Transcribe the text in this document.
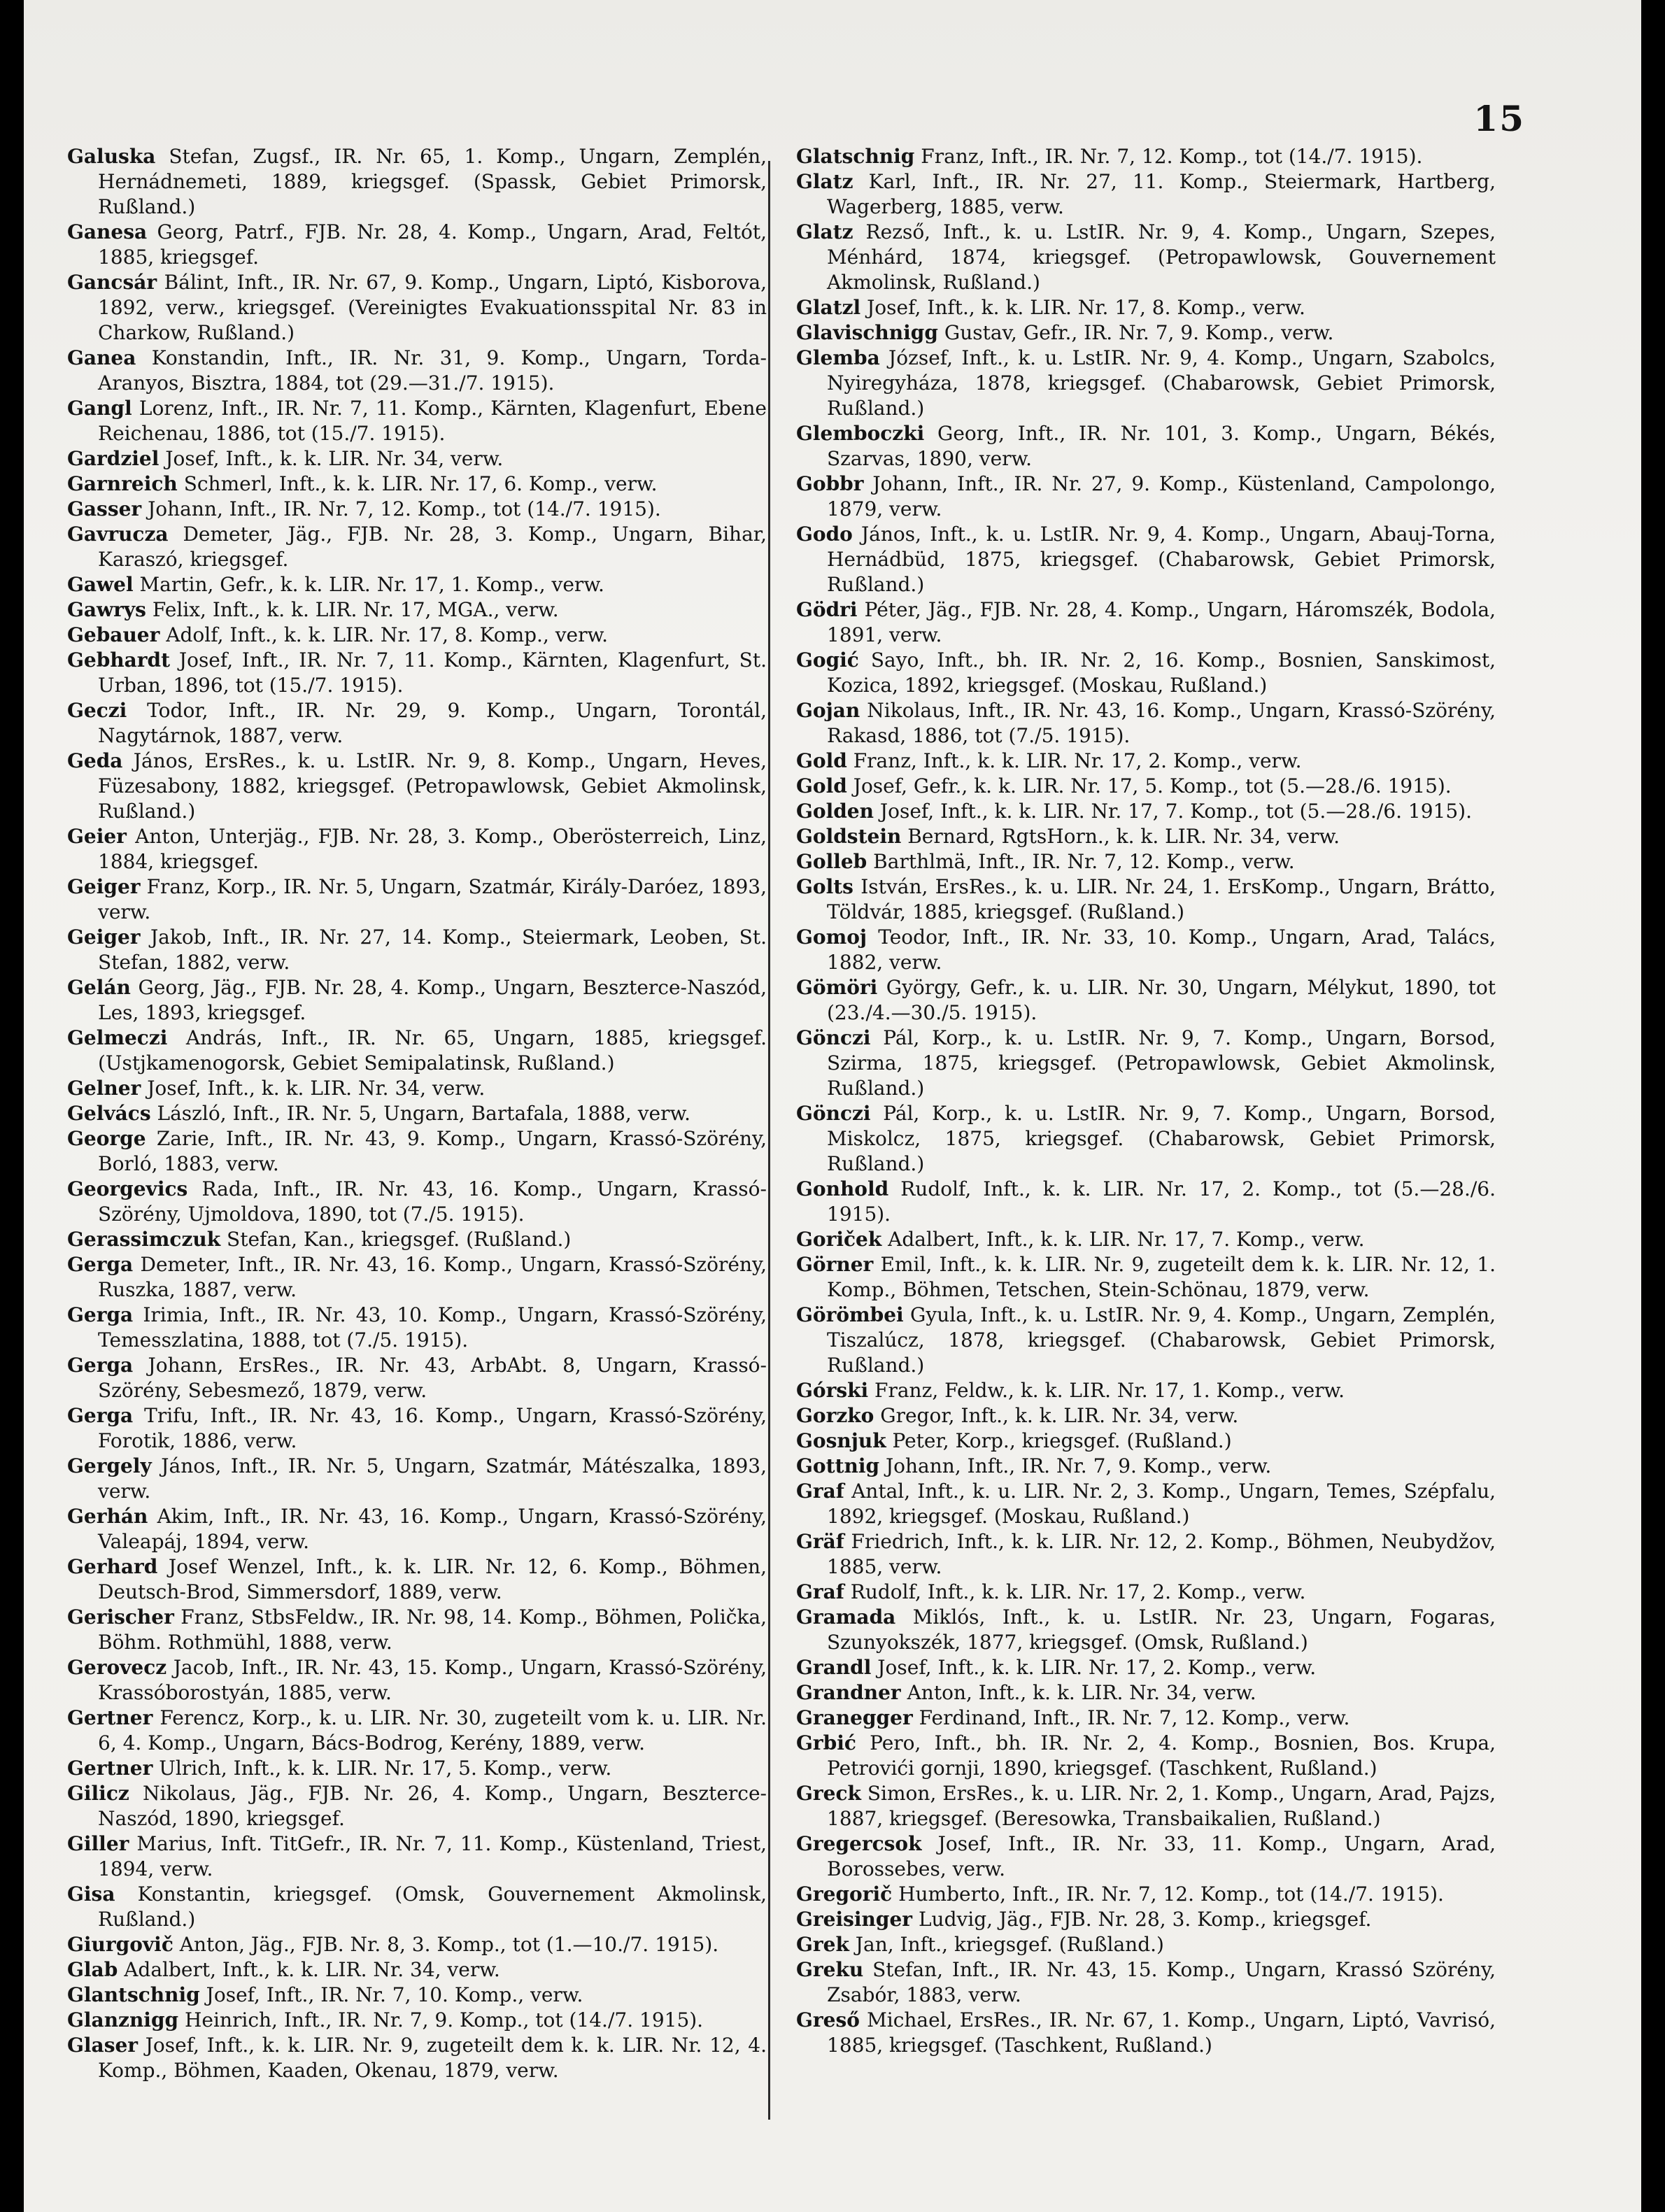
15

Galuska Stefan, Zugsf., IR. Nr. 65, 1. Komp., Ungarn, Zemplén, Hernádnemeti, 1889, kriegsgef. (Spassk, Gebiet Primorsk, Rußland.)

Ganesa Georg, Patrf., FJB. Nr. 28, 4. Komp., Ungarn, Arad, Feltót, 1885, kriegsgef.

Gancsár Bálint, Inft., IR. Nr. 67, 9. Komp., Ungarn, Liptó, Kisborova, 1892, verw., kriegsgef. (Vereinigtes Evakuationsspital Nr. 83 in Charkow, Rußland.)

Ganea Konstandin, Inft., IR. Nr. 31, 9. Komp., Ungarn, Torda-Aranyos, Bisztra, 1884, tot (29.—31./7. 1915).

Gangl Lorenz, Inft., IR. Nr. 7, 11. Komp., Kärnten, Klagenfurt, Ebene Reichenau, 1886, tot (15./7. 1915).

Gardziel Josef, Inft., k. k. LIR. Nr. 34, verw.

Garnreich Schmerl, Inft., k. k. LIR. Nr. 17, 6. Komp., verw.

Gasser Johann, Inft., IR. Nr. 7, 12. Komp., tot (14./7. 1915).

Gavrucza Demeter, Jäg., FJB. Nr. 28, 3. Komp., Ungarn, Bihar, Karaszó, kriegsgef.

Gawel Martin, Gefr., k. k. LIR. Nr. 17, 1. Komp., verw.

Gawrys Felix, Inft., k. k. LIR. Nr. 17, MGA., verw.

Gebauer Adolf, Inft., k. k. LIR. Nr. 17, 8. Komp., verw.

Gebhardt Josef, Inft., IR. Nr. 7, 11. Komp., Kärnten, Klagenfurt, St. Urban, 1896, tot (15./7. 1915).

Geczi Todor, Inft., IR. Nr. 29, 9. Komp., Ungarn, Torontál, Nagytárnok, 1887, verw.

Geda János, ErsRes., k. u. LstIR. Nr. 9, 8. Komp., Ungarn, Heves, Füzesabony, 1882, kriegsgef. (Petropawlowsk, Gebiet Akmolinsk, Rußland.)

Geier Anton, Unterjäg., FJB. Nr. 28, 3. Komp., Oberösterreich, Linz, 1884, kriegsgef.

Geiger Franz, Korp., IR. Nr. 5, Ungarn, Szatmár, Király-Daróez, 1893, verw.

Geiger Jakob, Inft., IR. Nr. 27, 14. Komp., Steiermark, Leoben, St. Stefan, 1882, verw.

Gelán Georg, Jäg., FJB. Nr. 28, 4. Komp., Ungarn, Beszterce-Naszód, Les, 1893, kriegsgef.

Gelmeczi András, Inft., IR. Nr. 65, Ungarn, 1885, kriegsgef. (Ustjkamenogorsk, Gebiet Semipalatinsk, Rußland.)

Gelner Josef, Inft., k. k. LIR. Nr. 34, verw.

Gelvács László, Inft., IR. Nr. 5, Ungarn, Bartafala, 1888, verw.

George Zarie, Inft., IR. Nr. 43, 9. Komp., Ungarn, Krassó-Szörény, Borló, 1883, verw.

Georgevics Rada, Inft., IR. Nr. 43, 16. Komp., Ungarn, Krassó-Szörény, Ujmoldova, 1890, tot (7./5. 1915).

Gerassimczuk Stefan, Kan., kriegsgef. (Rußland.)

Gerga Demeter, Inft., IR. Nr. 43, 16. Komp., Ungarn, Krassó-Szörény, Ruszka, 1887, verw.

Gerga Irimia, Inft., IR. Nr. 43, 10. Komp., Ungarn, Krassó-Szörény, Temesszlatina, 1888, tot (7./5. 1915).

Gerga Johann, ErsRes., IR. Nr. 43, ArbAbt. 8, Ungarn, Krassó-Szörény, Sebesmező, 1879, verw.

Gerga Trifu, Inft., IR. Nr. 43, 16. Komp., Ungarn, Krassó-Szörény, Forotik, 1886, verw.

Gergely János, Inft., IR. Nr. 5, Ungarn, Szatmár, Mátészalka, 1893, verw.

Gerhán Akim, Inft., IR. Nr. 43, 16. Komp., Ungarn, Krassó-Szörény, Valeapáj, 1894, verw.

Gerhard Josef Wenzel, Inft., k. k. LIR. Nr. 12, 6. Komp., Böhmen, Deutsch-Brod, Simmersdorf, 1889, verw.

Gerischer Franz, StbsFeldw., IR. Nr. 98, 14. Komp., Böhmen, Polička, Böhm. Rothmühl, 1888, verw.

Gerovecz Jacob, Inft., IR. Nr. 43, 15. Komp., Ungarn, Krassó-Szörény, Krassóborostyán, 1885, verw.

Gertner Ferencz, Korp., k. u. LIR. Nr. 30, zugeteilt vom k. u. LIR. Nr. 6, 4. Komp., Ungarn, Bács-Bodrog, Kerény, 1889, verw.

Gertner Ulrich, Inft., k. k. LIR. Nr. 17, 5. Komp., verw.

Gilicz Nikolaus, Jäg., FJB. Nr. 26, 4. Komp., Ungarn, Beszterce-Naszód, 1890, kriegsgef.

Giller Marius, Inft. TitGefr., IR. Nr. 7, 11. Komp., Küstenland, Triest, 1894, verw.

Gisa Konstantin, kriegsgef. (Omsk, Gouvernement Akmolinsk, Rußland.)

Giurgovič Anton, Jäg., FJB. Nr. 8, 3. Komp., tot (1.—10./7. 1915).

Glab Adalbert, Inft., k. k. LIR. Nr. 34, verw.

Glantschnig Josef, Inft., IR. Nr. 7, 10. Komp., verw.

Glanznigg Heinrich, Inft., IR. Nr. 7, 9. Komp., tot (14./7. 1915).

Glaser Josef, Inft., k. k. LIR. Nr. 9, zugeteilt dem k. k. LIR. Nr. 12, 4. Komp., Böhmen, Kaaden, Okenau, 1879, verw.

Glatschnig Franz, Inft., IR. Nr. 7, 12. Komp., tot (14./7. 1915).

Glatz Karl, Inft., IR. Nr. 27, 11. Komp., Steiermark, Hartberg, Wagerberg, 1885, verw.

Glatz Rezső, Inft., k. u. LstIR. Nr. 9, 4. Komp., Ungarn, Szepes, Ménhárd, 1874, kriegsgef. (Petropawlowsk, Gouvernement Akmolinsk, Rußland.)

Glatzl Josef, Inft., k. k. LIR. Nr. 17, 8. Komp., verw.

Glavischnigg Gustav, Gefr., IR. Nr. 7, 9. Komp., verw.

Glemba József, Inft., k. u. LstIR. Nr. 9, 4. Komp., Ungarn, Szabolcs, Nyiregyháza, 1878, kriegsgef. (Chabarowsk, Gebiet Primorsk, Rußland.)

Glemboczki Georg, Inft., IR. Nr. 101, 3. Komp., Ungarn, Békés, Szarvas, 1890, verw.

Gobbr Johann, Inft., IR. Nr. 27, 9. Komp., Küstenland, Campolongo, 1879, verw.

Godo János, Inft., k. u. LstIR. Nr. 9, 4. Komp., Ungarn, Abauj-Torna, Hernádbüd, 1875, kriegsgef. (Chabarowsk, Gebiet Primorsk, Rußland.)

Gödri Péter, Jäg., FJB. Nr. 28, 4. Komp., Ungarn, Háromszék, Bodola, 1891, verw.

Gogić Sayo, Inft., bh. IR. Nr. 2, 16. Komp., Bosnien, Sanskimost, Kozica, 1892, kriegsgef. (Moskau, Rußland.)

Gojan Nikolaus, Inft., IR. Nr. 43, 16. Komp., Ungarn, Krassó-Szörény, Rakasd, 1886, tot (7./5. 1915).

Gold Franz, Inft., k. k. LIR. Nr. 17, 2. Komp., verw.

Gold Josef, Gefr., k. k. LIR. Nr. 17, 5. Komp., tot (5.—28./6. 1915).

Golden Josef, Inft., k. k. LIR. Nr. 17, 7. Komp., tot (5.—28./6. 1915).

Goldstein Bernard, RgtsHorn., k. k. LIR. Nr. 34, verw.

Golleb Barthlmä, Inft., IR. Nr. 7, 12. Komp., verw.

Golts István, ErsRes., k. u. LIR. Nr. 24, 1. ErsKomp., Ungarn, Brátto, Töldvár, 1885, kriegsgef. (Rußland.)

Gomoj Teodor, Inft., IR. Nr. 33, 10. Komp., Ungarn, Arad, Talács, 1882, verw.

Gömöri György, Gefr., k. u. LIR. Nr. 30, Ungarn, Mélykut, 1890, tot (23./4.—30./5. 1915).

Gönczi Pál, Korp., k. u. LstIR. Nr. 9, 7. Komp., Ungarn, Borsod, Szirma, 1875, kriegsgef. (Petropawlowsk, Gebiet Akmolinsk, Rußland.)

Gönczi Pál, Korp., k. u. LstIR. Nr. 9, 7. Komp., Ungarn, Borsod, Miskolcz, 1875, kriegsgef. (Chabarowsk, Gebiet Primorsk, Rußland.)

Gonhold Rudolf, Inft., k. k. LIR. Nr. 17, 2. Komp., tot (5.—28./6. 1915).

Goriček Adalbert, Inft., k. k. LIR. Nr. 17, 7. Komp., verw.

Görner Emil, Inft., k. k. LIR. Nr. 9, zugeteilt dem k. k. LIR. Nr. 12, 1. Komp., Böhmen, Tetschen, Stein-Schönau, 1879, verw.

Görömbei Gyula, Inft., k. u. LstIR. Nr. 9, 4. Komp., Ungarn, Zemplén, Tiszalúcz, 1878, kriegsgef. (Chabarowsk, Gebiet Primorsk, Rußland.)

Górski Franz, Feldw., k. k. LIR. Nr. 17, 1. Komp., verw.

Gorzko Gregor, Inft., k. k. LIR. Nr. 34, verw.

Gosnjuk Peter, Korp., kriegsgef. (Rußland.)

Gottnig Johann, Inft., IR. Nr. 7, 9. Komp., verw.

Graf Antal, Inft., k. u. LIR. Nr. 2, 3. Komp., Ungarn, Temes, Szépfalu, 1892, kriegsgef. (Moskau, Rußland.)

Gräf Friedrich, Inft., k. k. LIR. Nr. 12, 2. Komp., Böhmen, Neubydžov, 1885, verw.

Graf Rudolf, Inft., k. k. LIR. Nr. 17, 2. Komp., verw.

Gramada Miklós, Inft., k. u. LstIR. Nr. 23, Ungarn, Fogaras, Szunyokszék, 1877, kriegsgef. (Omsk, Rußland.)

Grandl Josef, Inft., k. k. LIR. Nr. 17, 2. Komp., verw.

Grandner Anton, Inft., k. k. LIR. Nr. 34, verw.

Granegger Ferdinand, Inft., IR. Nr. 7, 12. Komp., verw.

Grbić Pero, Inft., bh. IR. Nr. 2, 4. Komp., Bosnien, Bos. Krupa, Petrovići gornji, 1890, kriegsgef. (Taschkent, Rußland.)

Greck Simon, ErsRes., k. u. LIR. Nr. 2, 1. Komp., Ungarn, Arad, Pajzs, 1887, kriegsgef. (Beresowka, Transbaikalien, Rußland.)

Gregercsok Josef, Inft., IR. Nr. 33, 11. Komp., Ungarn, Arad, Borossebes, verw.

Gregorič Humberto, Inft., IR. Nr. 7, 12. Komp., tot (14./7. 1915).

Greisinger Ludvig, Jäg., FJB. Nr. 28, 3. Komp., kriegsgef.

Grek Jan, Inft., kriegsgef. (Rußland.)

Greku Stefan, Inft., IR. Nr. 43, 15. Komp., Ungarn, Krassó Szörény, Zsabór, 1883, verw.

Greső Michael, ErsRes., IR. Nr. 67, 1. Komp., Ungarn, Liptó, Vavrisó, 1885, kriegsgef. (Taschkent, Rußland.)
